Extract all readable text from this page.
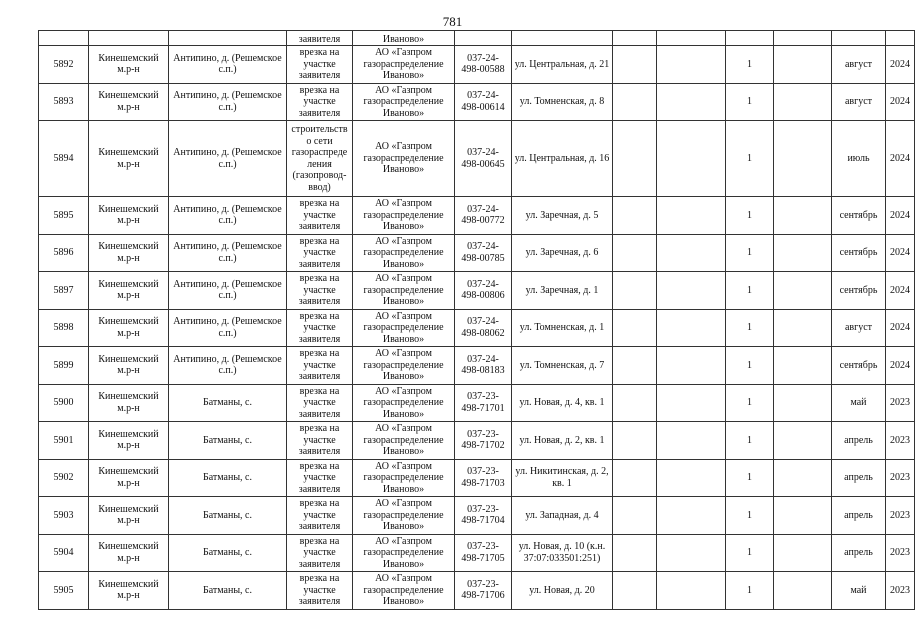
781
			заявителя	Иваново»								
5892	Кинешемский м.р-н	Антипино, д. (Решемское с.п.)	врезка на участке заявителя	АО «Газпром газораспределение Иваново»	037-24- 498-00588	ул. Центральная, д. 21			1		август	2024
5893	Кинешемский м.р-н	Антипино, д. (Решемское с.п.)	врезка на участке заявителя	АО «Газпром газораспределение Иваново»	037-24- 498-00614	ул. Томненская, д. 8			1		август	2024
5894	Кинешемский м.р-н	Антипино, д. (Решемское с.п.)	строительств о сети газораспреде ления (газопровод- ввод)	АО «Газпром газораспределение Иваново»	037-24- 498-00645	ул. Центральная, д. 16			1		июль	2024
5895	Кинешемский м.р-н	Антипино, д. (Решемское с.п.)	врезка на участке заявителя	АО «Газпром газораспределение Иваново»	037-24- 498-00772	ул. Заречная, д. 5			1		сентябрь	2024
5896	Кинешемский м.р-н	Антипино, д. (Решемское с.п.)	врезка на участке заявителя	АО «Газпром газораспределение Иваново»	037-24- 498-00785	ул. Заречная, д. 6			1		сентябрь	2024
5897	Кинешемский м.р-н	Антипино, д. (Решемское с.п.)	врезка на участке заявителя	АО «Газпром газораспределение Иваново»	037-24- 498-00806	ул. Заречная, д. 1			1		сентябрь	2024
5898	Кинешемский м.р-н	Антипино, д. (Решемское с.п.)	врезка на участке заявителя	АО «Газпром газораспределение Иваново»	037-24- 498-08062	ул. Томненская, д. 1			1		август	2024
5899	Кинешемский м.р-н	Антипино, д. (Решемское с.п.)	врезка на участке заявителя	АО «Газпром газораспределение Иваново»	037-24- 498-08183	ул. Томненская, д. 7			1		сентябрь	2024
5900	Кинешемский м.р-н	Батманы, с.	врезка на участке заявителя	АО «Газпром газораспределение Иваново»	037-23- 498-71701	ул. Новая, д. 4, кв. 1			1		май	2023
5901	Кинешемский м.р-н	Батманы, с.	врезка на участке заявителя	АО «Газпром газораспределение Иваново»	037-23- 498-71702	ул. Новая, д. 2, кв. 1			1		апрель	2023
5902	Кинешемский м.р-н	Батманы, с.	врезка на участке заявителя	АО «Газпром газораспределение Иваново»	037-23- 498-71703	ул. Никитинская, д. 2, кв. 1			1		апрель	2023
5903	Кинешемский м.р-н	Батманы, с.	врезка на участке заявителя	АО «Газпром газораспределение Иваново»	037-23- 498-71704	ул. Западная, д. 4			1		апрель	2023
5904	Кинешемский м.р-н	Батманы, с.	врезка на участке заявителя	АО «Газпром газораспределение Иваново»	037-23- 498-71705	ул. Новая, д. 10 (к.н. 37:07:033501:251)			1		апрель	2023
5905	Кинешемский м.р-н	Батманы, с.	врезка на участке заявителя	АО «Газпром газораспределение Иваново»	037-23- 498-71706	ул. Новая, д. 20			1		май	2023
